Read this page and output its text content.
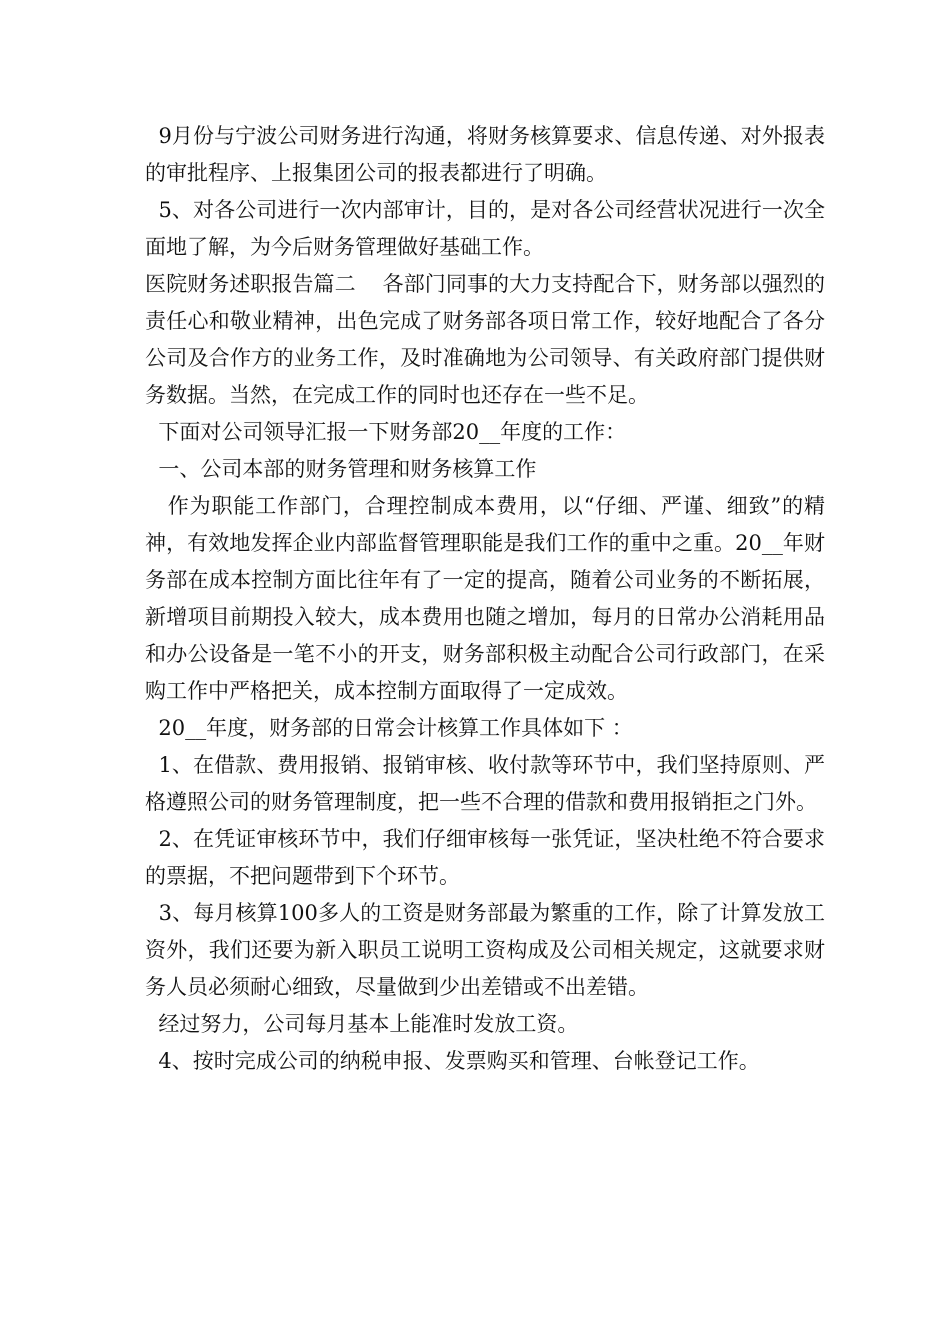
9月份与宁波公司财务进行沟通，将财务核算要求、信息传递、对外报表的审批程序、上报集团公司的报表都进行了明确。

5、对各公司进行一次内部审计，目的，是对各公司经营状况进行一次全面地了解，为今后财务管理做好基础工作。

医院财务述职报告篇二    各部门同事的大力支持配合下，财务部以强烈的责任心和敬业精神，出色完成了财务部各项日常工作，较好地配合了各分公司及合作方的业务工作，及时准确地为公司领导、有关政府部门提供财务数据。当然，在完成工作的同时也还存在一些不足。

下面对公司领导汇报一下财务部20__年度的工作：

一、公司本部的财务管理和财务核算工作

作为职能工作部门，合理控制成本费用，以“仔细、严谨、细致”的精神，有效地发挥企业内部监督管理职能是我们工作的重中之重。20__年财务部在成本控制方面比往年有了一定的提高，随着公司业务的不断拓展，新增项目前期投入较大，成本费用也随之增加，每月的日常办公消耗用品和办公设备是一笔不小的开支，财务部积极主动配合公司行政部门，在采购工作中严格把关，成本控制方面取得了一定成效。

20__年度，财务部的日常会计核算工作具体如下 ：

1、在借款、费用报销、报销审核、收付款等环节中，我们坚持原则、严格遵照公司的财务管理制度，把一些不合理的借款和费用报销拒之门外。

2、在凭证审核环节中，我们仔细审核每一张凭证，坚决杜绝不符合要求的票据，不把问题带到下个环节。

3、每月核算100多人的工资是财务部最为繁重的工作，除了计算发放工资外，我们还要为新入职员工说明工资构成及公司相关规定，这就要求财务人员必须耐心细致，尽量做到少出差错或不出差错。

经过努力，公司每月基本上能准时发放工资。

4、按时完成公司的纳税申报、发票购买和管理、台帐登记工作。
